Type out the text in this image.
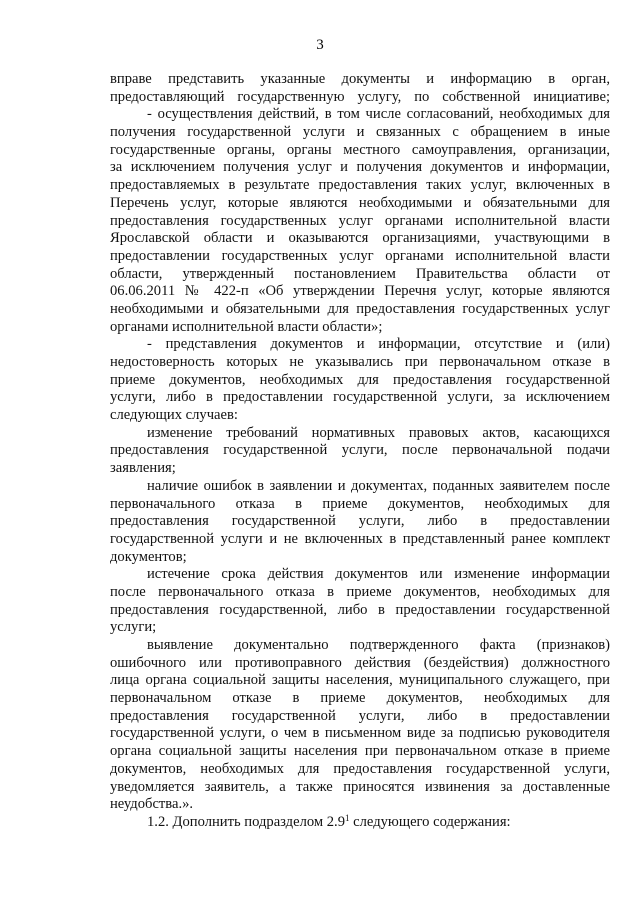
3
вправе представить указанные документы и информацию в орган,
предоставляющий государственную услугу, по собственной инициативе;
- осуществления действий, в том числе согласований, необходимых для
получения государственной услуги и связанных с обращением в иные
государственные органы, органы местного самоуправления, организации,
за исключением получения услуг и получения документов и информации,
предоставляемых в результате предоставления таких услуг, включенных в
Перечень услуг, которые являются необходимыми и обязательными для
предоставления государственных услуг органами исполнительной власти
Ярославской области и оказываются организациями, участвующими в
предоставлении государственных услуг органами исполнительной власти
области, утвержденный постановлением Правительства области от
06.06.2011 № 422-п «Об утверждении Перечня услуг, которые являются
необходимыми и обязательными для предоставления государственных услуг
органами исполнительной власти области»;
- представления документов и информации, отсутствие и (или)
недостоверность которых не указывались при первоначальном отказе в
приеме документов, необходимых для предоставления государственной
услуги, либо в предоставлении государственной услуги, за исключением
следующих случаев:
изменение требований нормативных правовых актов, касающихся
предоставления государственной услуги, после первоначальной подачи
заявления;
наличие ошибок в заявлении и документах, поданных заявителем после
первоначального отказа в приеме документов, необходимых для
предоставления государственной услуги, либо в предоставлении
государственной услуги и не включенных в представленный ранее комплект
документов;
истечение срока действия документов или изменение информации
после первоначального отказа в приеме документов, необходимых для
предоставления государственной, либо в предоставлении государственной
услуги;
выявление документально подтвержденного факта (признаков)
ошибочного или противоправного действия (бездействия) должностного
лица органа социальной защиты населения, муниципального служащего, при
первоначальном отказе в приеме документов, необходимых для
предоставления государственной услуги, либо в предоставлении
государственной услуги, о чем в письменном виде за подписью руководителя
органа социальной защиты населения при первоначальном отказе в приеме
документов, необходимых для предоставления государственной услуги,
уведомляется заявитель, а также приносятся извинения за доставленные
неудобства.».
1.2. Дополнить подразделом $2.9^1$ следующего содержания:
